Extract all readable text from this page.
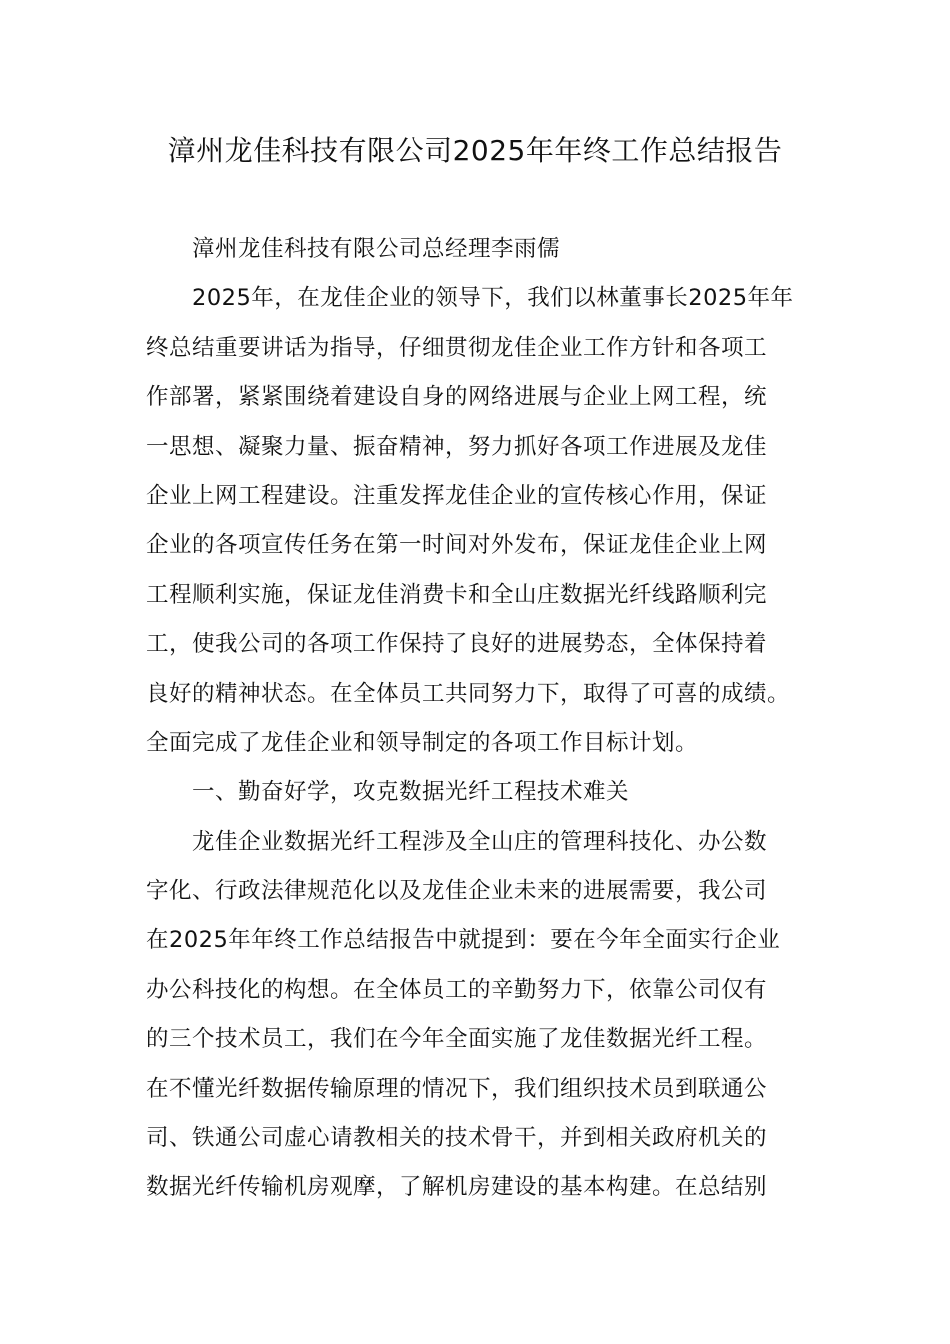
漳州龙佳科技有限公司2025年年终工作总结报告
漳州龙佳科技有限公司总经理李雨儒
2025年，在龙佳企业的领导下，我们以林董事长2025年年
终总结重要讲话为指导，仔细贯彻龙佳企业工作方针和各项工
作部署，紧紧围绕着建设自身的网络进展与企业上网工程，统
一思想、凝聚力量、振奋精神，努力抓好各项工作进展及龙佳
企业上网工程建设。注重发挥龙佳企业的宣传核心作用，保证
企业的各项宣传任务在第一时间对外发布，保证龙佳企业上网
工程顺利实施，保证龙佳消费卡和全山庄数据光纤线路顺利完
工，使我公司的各项工作保持了良好的进展势态，全体保持着
良好的精神状态。在全体员工共同努力下，取得了可喜的成绩。
全面完成了龙佳企业和领导制定的各项工作目标计划。
一、勤奋好学，攻克数据光纤工程技术难关
龙佳企业数据光纤工程涉及全山庄的管理科技化、办公数
字化、行政法律规范化以及龙佳企业未来的进展需要，我公司
在2025年年终工作总结报告中就提到：要在今年全面实行企业
办公科技化的构想。在全体员工的辛勤努力下，依靠公司仅有
的三个技术员工，我们在今年全面实施了龙佳数据光纤工程。
在不懂光纤数据传输原理的情况下，我们组织技术员到联通公
司、铁通公司虚心请教相关的技术骨干，并到相关政府机关的
数据光纤传输机房观摩，了解机房建设的基本构建。在总结别
